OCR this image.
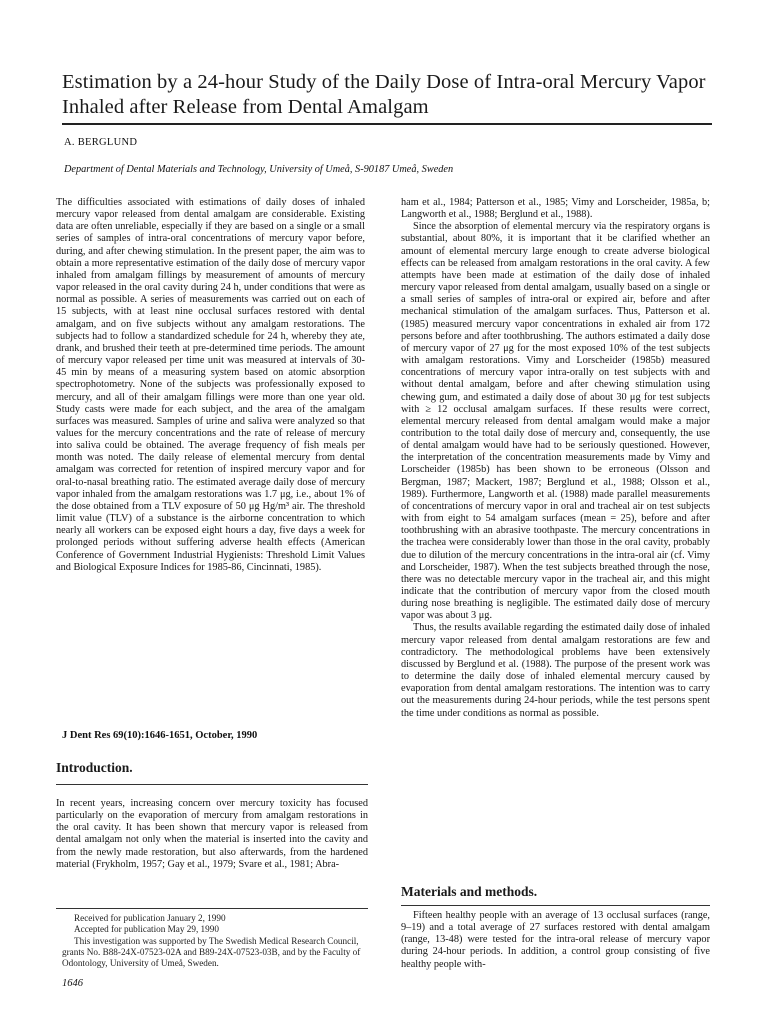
Estimation by a 24-hour Study of the Daily Dose of Intra-oral Mercury Vapor Inhaled after Release from Dental Amalgam
A. BERGLUND
Department of Dental Materials and Technology, University of Umeå, S-90187 Umeå, Sweden

The difficulties associated with estimations of daily doses of inhaled mercury vapor released from dental amalgam are considerable. Existing data are often unreliable, especially if they are based on a single or a small series of samples of intra-oral concentrations of mercury vapor before, during, and after chewing stimulation. In the present paper, the aim was to obtain a more representative estimation of the daily dose of mercury vapor inhaled from amalgam fillings by measurement of amounts of mercury vapor released in the oral cavity during 24 h, under conditions that were as normal as possible. A series of measurements was carried out on each of 15 subjects, with at least nine occlusal surfaces restored with dental amalgam, and on five subjects without any amalgam restorations. The subjects had to follow a standardized schedule for 24 h, whereby they ate, drank, and brushed their teeth at pre-determined time periods. The amount of mercury vapor released per time unit was measured at intervals of 30-45 min by means of a measuring system based on atomic absorption spectrophotometry. None of the subjects was professionally exposed to mercury, and all of their amalgam fillings were more than one year old. Study casts were made for each subject, and the area of the amalgam surfaces was measured. Samples of urine and saliva were analyzed so that values for the mercury concentrations and the rate of release of mercury into saliva could be obtained. The average frequency of fish meals per month was noted. The daily release of elemental mercury from dental amalgam was corrected for retention of inspired mercury vapor and for oral-to-nasal breathing ratio. The estimated average daily dose of mercury vapor inhaled from the amalgam restorations was 1.7 μg, i.e., about 1% of the dose obtained from a TLV exposure of 50 μg Hg/m³ air. The threshold limit value (TLV) of a substance is the airborne concentration to which nearly all workers can be exposed eight hours a day, five days a week for prolonged periods without suffering adverse health effects (American Conference of Government Industrial Hygienists: Threshold Limit Values and Biological Exposure Indices for 1985-86, Cincinnati, 1985).

J Dent Res 69(10):1646-1651, October, 1990
Introduction.

In recent years, increasing concern over mercury toxicity has focused particularly on the evaporation of mercury from amalgam restorations in the oral cavity. It has been shown that mercury vapor is released from dental amalgam not only when the material is inserted into the cavity and from the newly made restoration, but also afterwards, from the hardened material (Frykholm, 1957; Gay et al., 1979; Svare et al., 1981; Abra-

Received for publication January 2, 1990

Accepted for publication May 29, 1990

This investigation was supported by The Swedish Medical Research Council, grants No. B88-24X-07523-02A and B89-24X-07523-03B, and by the Faculty of Odontology, University of Umeå, Sweden.

1646

ham et al., 1984; Patterson et al., 1985; Vimy and Lorscheider, 1985a, b; Langworth et al., 1988; Berglund et al., 1988).

Since the absorption of elemental mercury via the respiratory organs is substantial, about 80%, it is important that it be clarified whether an amount of elemental mercury large enough to create adverse biological effects can be released from amalgam restorations in the oral cavity. A few attempts have been made at estimation of the daily dose of inhaled mercury vapor released from dental amalgam, usually based on a single or a small series of samples of intra-oral or expired air, before and after mechanical stimulation of the amalgam surfaces. Thus, Patterson et al. (1985) measured mercury vapor concentrations in exhaled air from 172 persons before and after toothbrushing. The authors estimated a daily dose of mercury vapor of 27 μg for the most exposed 10% of the test subjects with amalgam restorations. Vimy and Lorscheider (1985b) measured concentrations of mercury vapor intra-orally on test subjects with and without dental amalgam, before and after chewing stimulation using chewing gum, and estimated a daily dose of about 30 μg for test subjects with ≥ 12 occlusal amalgam surfaces. If these results were correct, elemental mercury released from dental amalgam would make a major contribution to the total daily dose of mercury and, consequently, the use of dental amalgam would have had to be seriously questioned. However, the interpretation of the concentration measurements made by Vimy and Lorscheider (1985b) has been shown to be erroneous (Olsson and Bergman, 1987; Mackert, 1987; Berglund et al., 1988; Olsson et al., 1989). Furthermore, Langworth et al. (1988) made parallel measurements of concentrations of mercury vapor in oral and tracheal air on test subjects with from eight to 54 amalgam surfaces (mean = 25), before and after toothbrushing with an abrasive toothpaste. The mercury concentrations in the trachea were considerably lower than those in the oral cavity, probably due to dilution of the mercury concentrations in the intra-oral air (cf. Vimy and Lorscheider, 1987). When the test subjects breathed through the nose, there was no detectable mercury vapor in the tracheal air, and this might indicate that the contribution of mercury vapor from the closed mouth during nose breathing is negligible. The estimated daily dose of mercury vapor was about 3 μg.

Thus, the results available regarding the estimated daily dose of inhaled mercury vapor released from dental amalgam restorations are few and contradictory. The methodological problems have been extensively discussed by Berglund et al. (1988). The purpose of the present work was to determine the daily dose of inhaled elemental mercury caused by evaporation from dental amalgam restorations. The intention was to carry out the measurements during 24-hour periods, while the test persons spent the time under conditions as normal as possible.

Materials and methods.

Fifteen healthy people with an average of 13 occlusal surfaces (range, 9–19) and a total average of 27 surfaces restored with dental amalgam (range, 13-48) were tested for the intra-oral release of mercury vapor during 24-hour periods. In addition, a control group consisting of five healthy people with-
